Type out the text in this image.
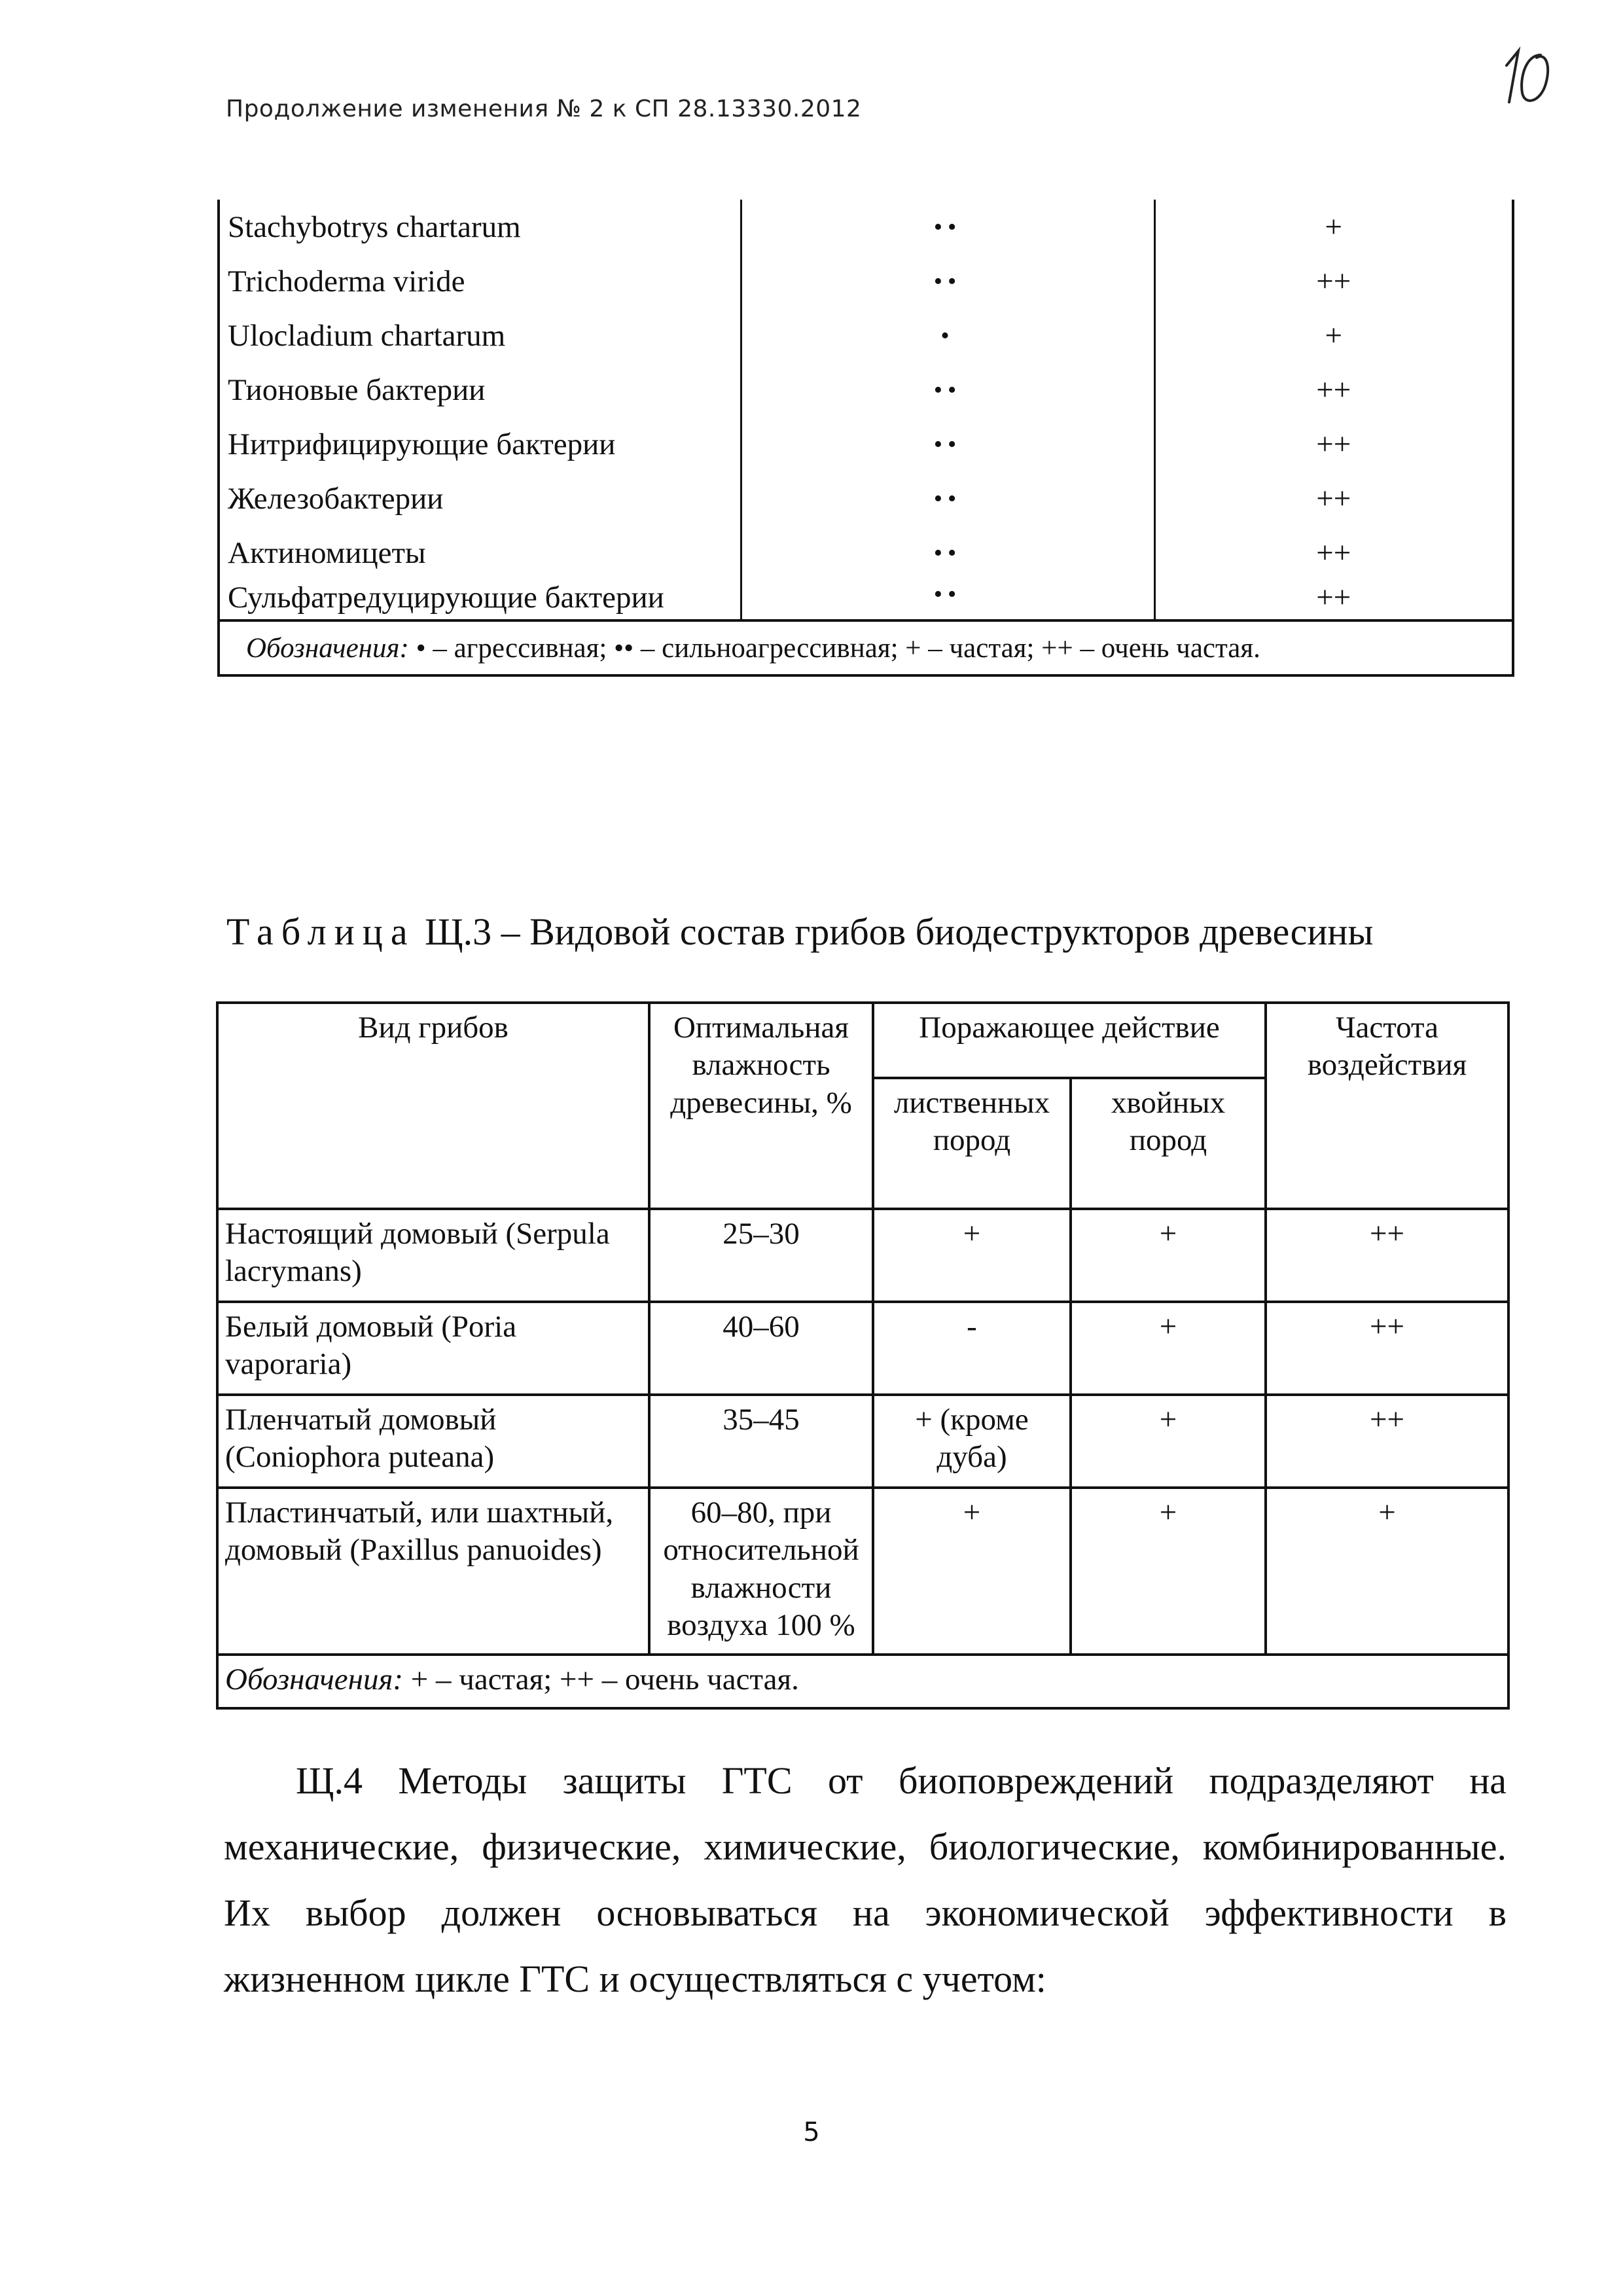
Продолжение изменения № 2 к СП 28.13330.2012
Stachybotrys chartarum	••	+
Trichoderma viride	••	++
Ulocladium chartarum	•	+
Тионовые бактерии	••	++
Нитрифицирующие бактерии	••	++
Железобактерии	••	++
Актиномицеты	••	++
Сульфатредуцирующие бактерии	••	++
Обозначения: • – агрессивная; •• – сильноагрессивная; + – частая; ++ – очень частая.		
Таблица Щ.3 – Видовой состав грибов биодеструкторов древесины
Вид грибов	Оптимальная влажность древесины, %	Поражающее действие		Частота воздействия
		лиственных пород	хвойных пород	
Настоящий домовый (Serpula lacrymans)	25–30	+	+	++
Белый домовый (Poria vaporaria)	40–60	-	+	++
Пленчатый домовый (Coniophora puteana)	35–45	+ (кроме дуба)	+	++
Пластинчатый, или шахтный, домовый (Paxillus panuoides)	60–80, при относительной влажности воздуха 100 %	+	+	+
Обозначения: + – частая; ++ – очень частая.				
Щ.4 Методы защиты ГТС от биоповреждений подразделяют на
механические, физические, химические, биологические, комбинированные.
Их выбор должен основываться на экономической эффективности в
жизненном цикле ГТС и осуществляться с учетом:
5
